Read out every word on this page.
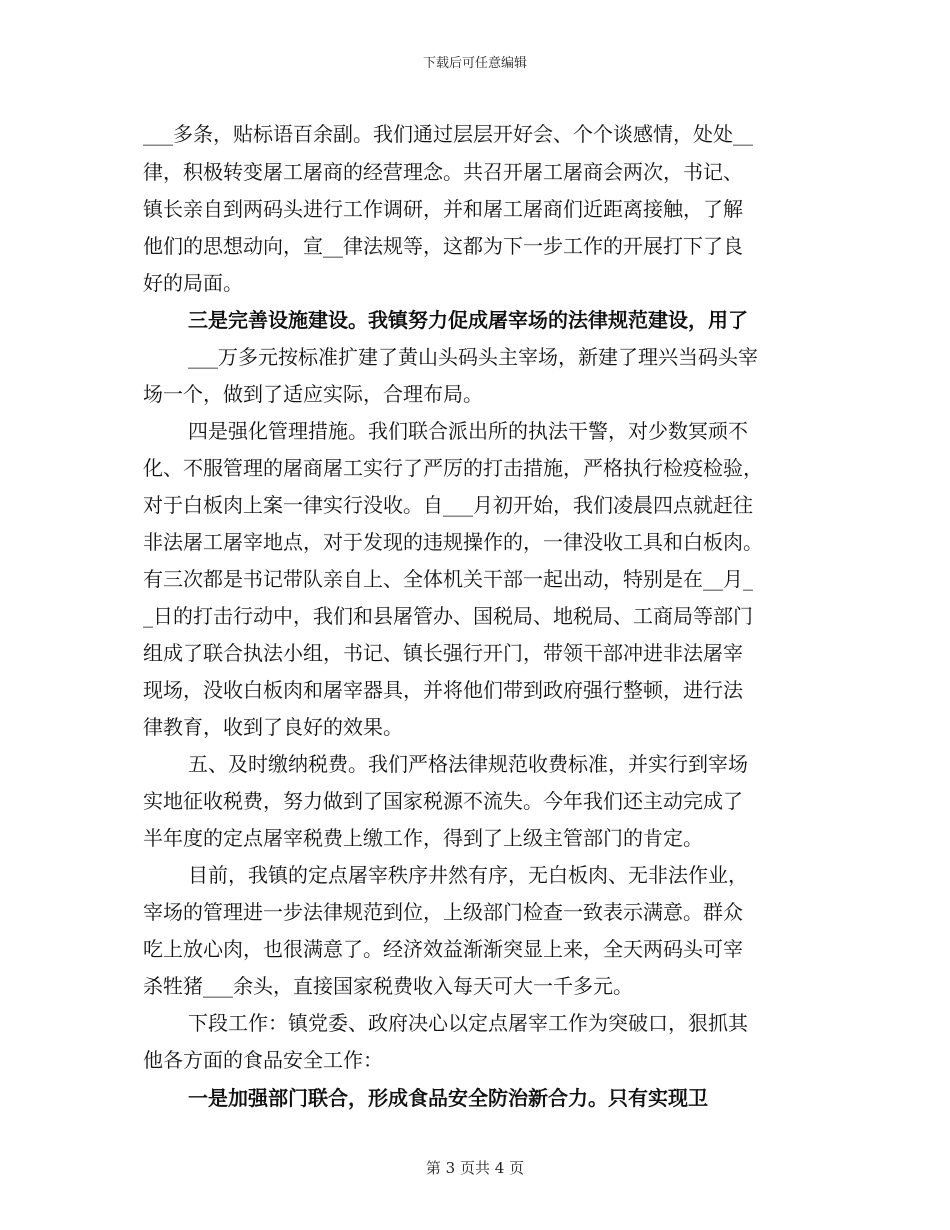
下载后可任意编辑
___多条，贴标语百余副。我们通过层层开好会、个个谈感情，处处__
律，积极转变屠工屠商的经营理念。共召开屠工屠商会两次，书记、
镇长亲自到两码头进行工作调研，并和屠工屠商们近距离接触，了解
他们的思想动向，宣__律法规等，这都为下一步工作的开展打下了良
好的局面。
三是完善设施建设。我镇努力促成屠宰场的法律规范建设，用了
___万多元按标准扩建了黄山头码头主宰场，新建了理兴当码头宰
场一个，做到了适应实际，合理布局。
四是强化管理措施。我们联合派出所的执法干警，对少数冥顽不
化、不服管理的屠商屠工实行了严厉的打击措施，严格执行检疫检验，
对于白板肉上案一律实行没收。自___月初开始，我们凌晨四点就赶往
非法屠工屠宰地点，对于发现的违规操作的，一律没收工具和白板肉。
有三次都是书记带队亲自上、全体机关干部一起出动，特别是在__月_
_日的打击行动中，我们和县屠管办、国税局、地税局、工商局等部门
组成了联合执法小组，书记、镇长强行开门，带领干部冲进非法屠宰
现场，没收白板肉和屠宰器具，并将他们带到政府强行整顿，进行法
律教育，收到了良好的效果。
五、及时缴纳税费。我们严格法律规范收费标准，并实行到宰场
实地征收税费，努力做到了国家税源不流失。今年我们还主动完成了
半年度的定点屠宰税费上缴工作，得到了上级主管部门的肯定。
目前，我镇的定点屠宰秩序井然有序，无白板肉、无非法作业，
宰场的管理进一步法律规范到位，上级部门检查一致表示满意。群众
吃上放心肉，也很满意了。经济效益渐渐突显上来，全天两码头可宰
杀牲猪___余头，直接国家税费收入每天可大一千多元。
下段工作：镇党委、政府决心以定点屠宰工作为突破口，狠抓其
他各方面的食品安全工作：
一是加强部门联合，形成食品安全防治新合力。只有实现卫
第 3 页共 4 页
